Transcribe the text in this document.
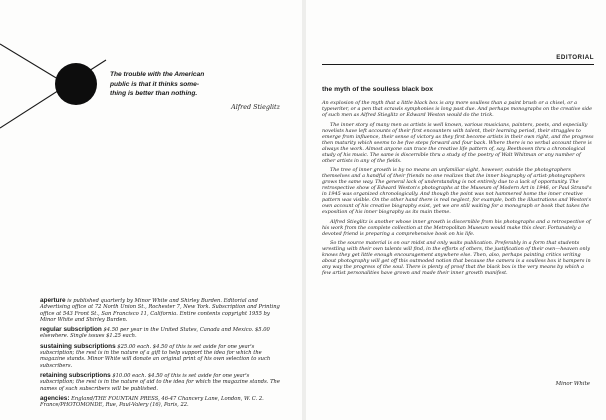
The trouble with the American

public is that it thinks some-

thing is better than nothing.

Alfred Stieglitz

aperture is published quarterly by Minor White and Shirley Burden. Editorial and Advertising office at 72 North Union St., Rochester 7, New York. Subscription and Printing office at 543 Front St., San Francisco 11, California. Entire contents copyright 1955 by Minor White and Shirley Burden.

regular subscription $4.50 per year in the United States, Canada and Mexico. $5.00 elsewhere. Single issues $1.25 each.

sustaining subscriptions $25.00 each. $4.50 of this is set aside for one year's subscription; the rest is in the nature of a gift to help support the idea for which the magazine stands. Minor White will donate an original print of his own selection to such subscribers.

retaining subscriptions $10.00 each. $4.50 of this is set aside for one year's subscription; the rest is in the nature of aid to the idea for which the magazine stands. The names of such subscribers will be published.

agencies: England/THE FOUNTAIN PRESS, 46-47 Chancery Lane, London, W. C. 2. France/PHOTOMONDE, Rue, Paul-Valery (16), Paris, 22.

EDITORIAL
the myth of the soulless black box

An explosion of the myth that a little black box is any more soulless than a paint brush or a chisel, or a typewriter, or a pen that scrawls symphonies is long past due. And perhaps monographs on the creative side of such men as Alfred Stieglitz or Edward Weston would do the trick.

The inner story of many men as artists is well known, various musicians, painters, poets, and especially novelists have left accounts of their first encounters with talent, their learning period, their struggles to emerge from influence, their sense of victory as they first become artists in their own right, and the progress then maturity which seems to be five steps forward and four back. Where there is no verbal account there is always the work. Almost anyone can trace the creative life pattern of, say, Beethoven thru a chronological study of his music. The same is discernible thru a study of the poetry of Walt Whitman or any number of other artists in any of the fields.

The tree of inner growth is by no means an unfamiliar sight, however, outside the photographers themselves and a handful of their friends no one realizes that the inner biography of artist-photographers grows the same way. The general lack of understanding is not entirely due to a lack of opportunity. The retrospective show of Edward Weston's photographs at the Museum of Modern Art in 1946, or Paul Strand's in 1945 was organized chronologically. And though the point was not hammered home the inner creative pattern was visible. On the other hand there is real neglect, for example, both the illustrations and Weston's own account of his creative biography exist, yet we are still waiting for a monograph or book that takes the exposition of his inner biography as its main theme.

Alfred Stieglitz is another whose inner growth is discernible from his photographs and a retrospective of his work from the complete collection at the Metropolitan Museum would make this clear. Fortunately a devoted friend is preparing a comprehensive book on his life.

So the source material is on our midst and only waits publication. Preferably in a form that students wrestling with their own talents will find, in the efforts of others, the justification of their own—heaven only knows they get little enough encouragement anywhere else. Then, also, perhaps painting critics writing about photography will get off this outmoded notion that because the camera is a soulless box it hampers in any way the progress of the soul. There is plenty of proof that the black box is the very means by which a few artist personalities have grown and made their inner growth manifest.

Minor White
